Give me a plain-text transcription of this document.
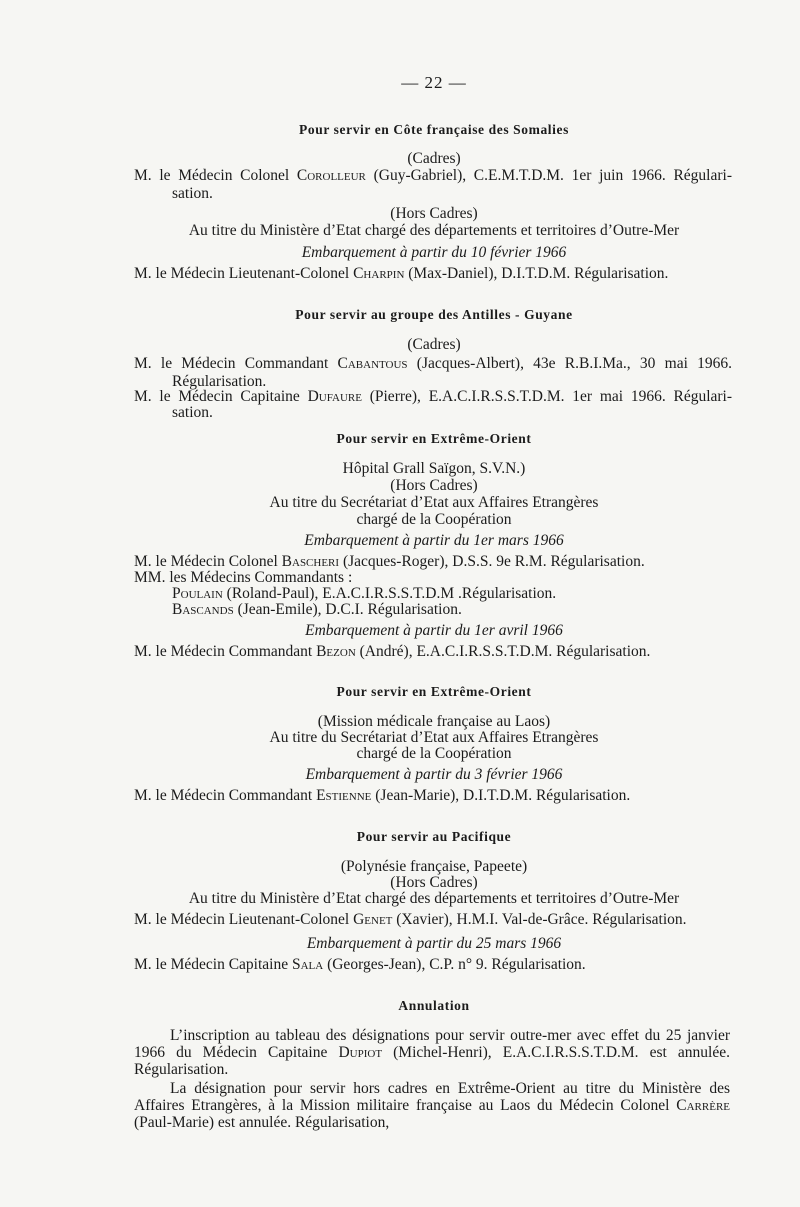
— 22 —
Pour servir en Côte française des Somalies
(Cadres)
M. le Médecin Colonel Corolleur (Guy-Gabriel), C.E.M.T.D.M. 1er juin 1966. Régulari-
sation.
(Hors Cadres)
Au titre du Ministère d’Etat chargé des départements et territoires d’Outre-Mer
Embarquement à partir du 10 février 1966
M. le Médecin Lieutenant-Colonel Charpin (Max-Daniel), D.I.T.D.M. Régularisation.
Pour servir au groupe des Antilles - Guyane
(Cadres)
M. le Médecin Commandant Cabantous (Jacques-Albert), 43e R.B.I.Ma., 30 mai 1966.
Régularisation.
M. le Médecin Capitaine Dufaure (Pierre), E.A.C.I.R.S.S.T.D.M. 1er mai 1966. Régulari-
sation.
Pour servir en Extrême-Orient
Hôpital Grall Saïgon, S.V.N.)
(Hors Cadres)
Au titre du Secrétariat d’Etat aux Affaires Etrangères
chargé de la Coopération
Embarquement à partir du 1er mars 1966
M. le Médecin Colonel Bascheri (Jacques-Roger), D.S.S. 9e R.M. Régularisation.
MM. les Médecins Commandants :
Poulain (Roland-Paul), E.A.C.I.R.S.S.T.D.M .Régularisation.
Bascands (Jean-Emile), D.C.I. Régularisation.
Embarquement à partir du 1er avril 1966
M. le Médecin Commandant Bezon (André), E.A.C.I.R.S.S.T.D.M. Régularisation.
Pour servir en Extrême-Orient
(Mission médicale française au Laos)
Au titre du Secrétariat d’Etat aux Affaires Etrangères
chargé de la Coopération
Embarquement à partir du 3 février 1966
M. le Médecin Commandant Estienne (Jean-Marie), D.I.T.D.M. Régularisation.
Pour servir au Pacifique
(Polynésie française, Papeete)
(Hors Cadres)
Au titre du Ministère d’Etat chargé des départements et territoires d’Outre-Mer
M. le Médecin Lieutenant-Colonel Genet (Xavier), H.M.I. Val-de-Grâce. Régularisation.
Embarquement à partir du 25 mars 1966
M. le Médecin Capitaine Sala (Georges-Jean), C.P. n° 9. Régularisation.
Annulation
L’inscription au tableau des désignations pour servir outre-mer avec effet du 25 janvier 1966 du Médecin Capitaine Dupiot (Michel-Henri), E.A.C.I.R.S.S.T.D.M. est annulée. Régularisation.
La désignation pour servir hors cadres en Extrême-Orient au titre du Ministère des Affaires Etrangères, à la Mission militaire française au Laos du Médecin Colonel Carrère (Paul-Marie) est annulée. Régularisation,
